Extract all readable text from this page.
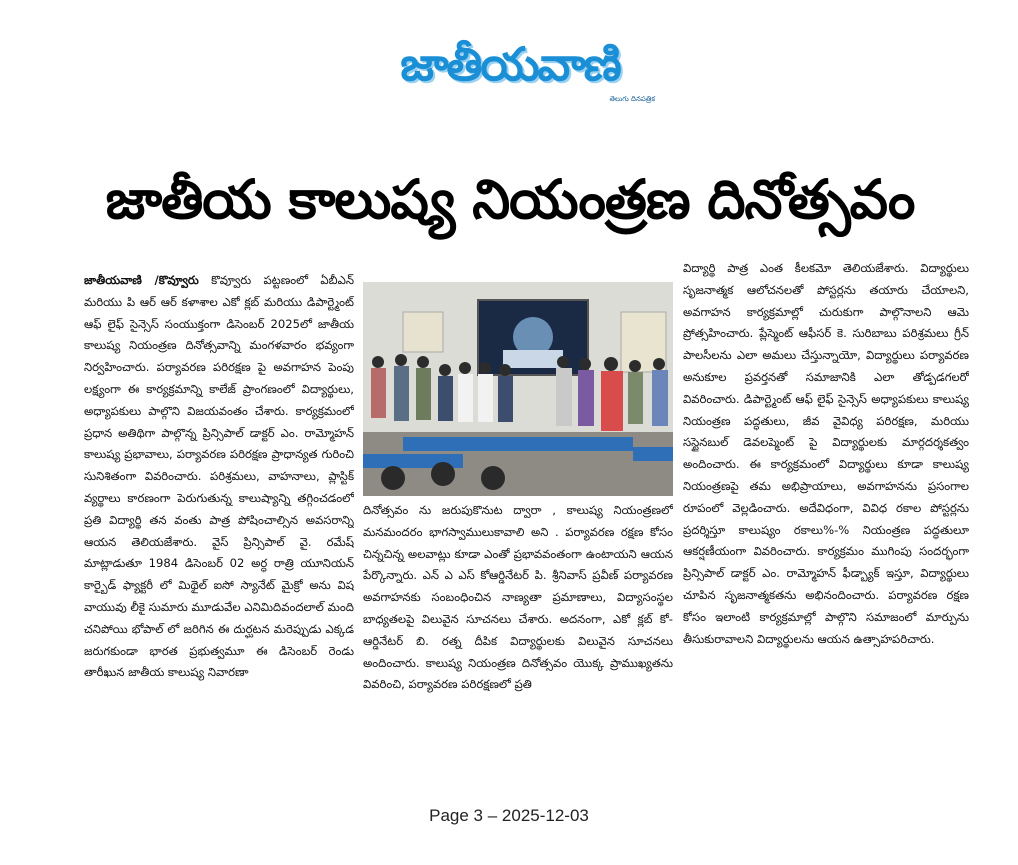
జాతీయవాణి
తెలుగు దినపత్రిక
జాతీయ కాలుష్య నియంత్రణ దినోత్సవం
జాతీయవాణి /కొవ్వూరు కొవ్వూరు పట్టణంలో ఏబీఎన్ మరియు పి ఆర్ ఆర్ కళాశాల ఎకో క్లబ్ మరియు డిపార్ట్మెంట్ ఆఫ్ లైఫ్ సైన్సెస్ సంయుక్తంగా డిసెంబర్ 2025లో జాతీయ కాలుష్య నియంత్రణ దినోత్సవాన్ని మంగళవారం భవ్యంగా నిర్వహించారు. పర్యావరణ పరిరక్షణ పై అవగాహన పెంపు లక్ష్యంగా ఈ కార్యక్రమాన్ని కాలేజ్ ప్రాంగణంలో విద్యార్థులు, అధ్యాపకులు పాల్గొని విజయవంతం చేశారు. కార్యక్రమంలో ప్రధాన అతిథిగా పాల్గొన్న ప్రిన్సిపాల్ డాక్టర్ ఎం. రామ్మోహన్ కాలుష్య ప్రభావాలు, పర్యావరణ పరిరక్షణ ప్రాధాన్యత గురించి సునిశితంగా వివరించారు. పరిశ్రమలు, వాహనాలు, ప్లాస్టిక్ వ్యర్థాలు కారణంగా పెరుగుతున్న కాలుష్యాన్ని తగ్గించడంలో ప్రతి విద్యార్థి తన వంతు పాత్ర పోషించాల్సిన అవసరాన్ని ఆయన తెలియజేశారు. వైస్ ప్రిన్సిపాల్ వై. రమేష్ మాట్లాడుతూ 1984 డిసెంబర్ 02 అర్ధ రాత్రి యూనియన్ కార్బైడ్ ఫ్యాక్టరీ లో మిథైల్ ఐసో స్యానేట్ మైక్రో అను విష వాయువు లీకై సుమారు మూడువేల ఎనిమిదివందలాల్ మంది చనిపోయి భోపాల్ లో జరిగిన ఈ దుర్ఘటన మరెప్పుడు ఎక్కడ జరుగకుండా భారత ప్రభుత్వమూ ఈ డిసెంబర్ రెండు తారీఖున జాతీయ కాలుష్య నివారణా
దినోత్సవం ను జరుపుకొనుట ద్వారా , కాలుష్య నియంత్రణలో మనమందరం భాగస్వాములుకావాలి అని . పర్యావరణ రక్షణ కోసం చిన్నచిన్న అలవాట్లు కూడా ఎంతో ప్రభావవంతంగా ఉంటాయని ఆయన పేర్కొన్నారు. ఎన్ ఎ ఎస్ కోఆర్డినేటర్ పి. శ్రీనివాస్ ప్రవీణ్ పర్యావరణ అవగాహనకు సంబంధించిన నాణ్యతా ప్రమాణాలు, విద్యాసంస్థల బాధ్యతలపై విలువైన సూచనలు చేశారు. అదనంగా, ఎకో క్లబ్ కో-ఆర్డినేటర్ బి. రత్న దీపిక విద్యార్థులకు విలువైన సూచనలు అందించారు. కాలుష్య నియంత్రణ దినోత్సవం యొక్క ప్రాముఖ్యతను వివరించి, పర్యావరణ పరిరక్షణలో ప్రతి
విద్యార్థి పాత్ర ఎంత కీలకమో తెలియజేశారు. విద్యార్థులు సృజనాత్మక ఆలోచనలతో పోస్టర్లను తయారు చేయాలని, అవగాహన కార్యక్రమాల్లో చురుకుగా పాల్గొనాలని ఆమె ప్రోత్సహించారు. ప్లేస్మెంట్ ఆఫీసర్ కె. సురిబాబు పరిశ్రమలు గ్రీన్ పాలసీలను ఎలా అమలు చేస్తున్నాయో, విద్యార్థులు పర్యావరణ అనుకూల ప్రవర్తనతో సమాజానికి ఎలా తోడ్పడగలరో వివరించారు. డిపార్ట్మెంట్ ఆఫ్ లైఫ్ సైన్సెస్ అధ్యాపకులు కాలుష్య నియంత్రణ పద్ధతులు, జీవ వైవిధ్య పరిరక్షణ, మరియు సస్టైనబుల్ డెవలప్మెంట్ పై విద్యార్థులకు మార్గదర్శకత్వం అందించారు. ఈ కార్యక్రమంలో విద్యార్థులు కూడా కాలుష్య నియంత్రణపై తమ అభిప్రాయాలు, అవగాహనను ప్రసంగాల రూపంలో వెల్లడించారు. అదేవిధంగా, వివిధ రకాల పోస్టర్లను ప్రదర్శిస్తూ కాలుష్యం రకాలు%-% నియంత్రణ పద్ధతులూ ఆకర్షణీయంగా వివరించారు. కార్యక్రమం ముగింపు సందర్భంగా ప్రిన్సిపాల్ డాక్టర్ ఎం. రామ్మోహన్ ఫీడ్బ్యాక్ ఇస్తూ, విద్యార్థులు చూపిన సృజనాత్మకతను అభినందించారు. పర్యావరణ రక్షణ కోసం ఇలాంటి కార్యక్రమాల్లో పాల్గొని సమాజంలో మార్పును తీసుకురావాలని విద్యార్థులను ఆయన ఉత్సాహపరిచారు.
Page 3 – 2025-12-03
